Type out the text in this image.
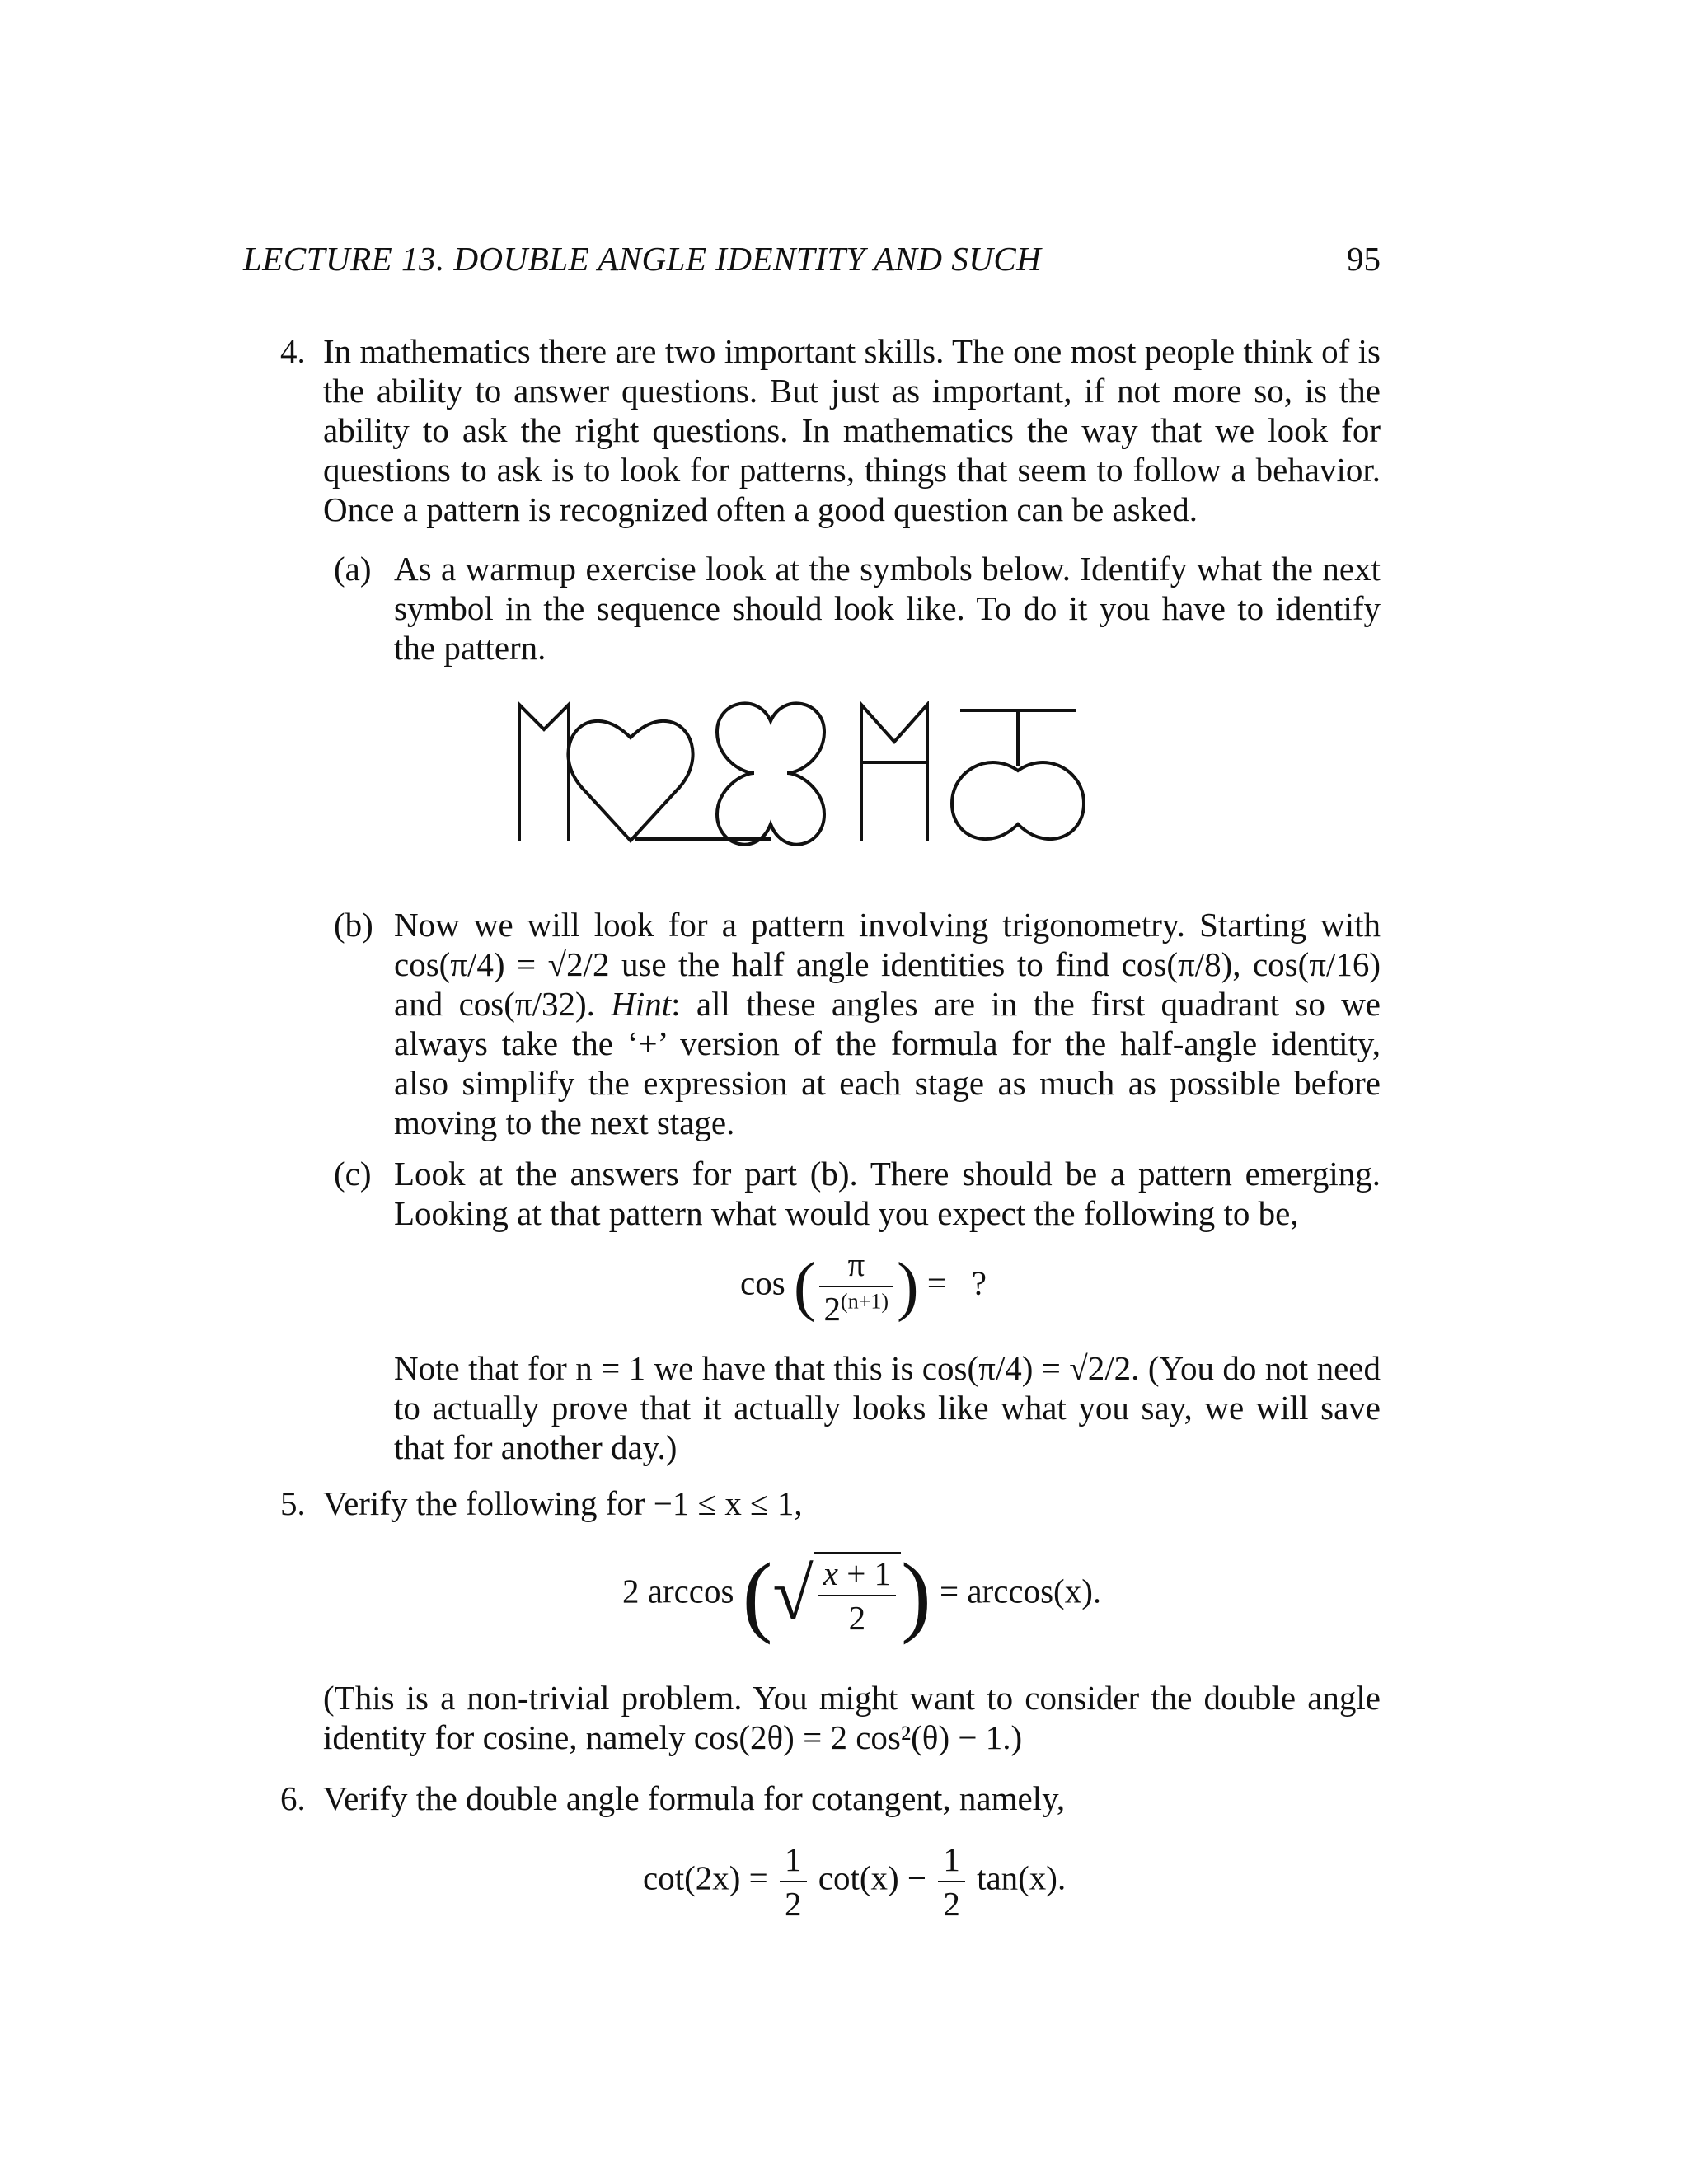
LECTURE 13. DOUBLE ANGLE IDENTITY AND SUCH	95
4. In mathematics there are two important skills. The one most people think of is the ability to answer questions. But just as important, if not more so, is the ability to ask the right questions. In mathematics the way that we look for questions to ask is to look for patterns, things that seem to follow a behavior. Once a pattern is recognized often a good question can be asked.
(a) As a warmup exercise look at the symbols below. Identify what the next symbol in the sequence should look like. To do it you have to identify the pattern.
(b) Now we will look for a pattern involving trigonometry. Starting with cos(π/4) = √2/2 use the half angle identities to find cos(π/8), cos(π/16) and cos(π/32). Hint: all these angles are in the first quadrant so we always take the ‘+’ version of the formula for the half-angle identity, also simplify the expression at each stage as much as possible before moving to the next stage.
(c) Look at the answers for part (b). There should be a pattern emerging. Looking at that pattern what would you expect the following to be,
cos ( $\frac{\pi}{2^{(n+1)}}$ ) =   ?
Note that for n = 1 we have that this is cos(π/4) = √2/2. (You do not need to actually prove that it actually looks like what you say, we will save that for another day.)
5. Verify the following for −1 ≤ x ≤ 1,
2 arccos (√ $\frac{x + 1}{2}$ ) = arccos(x).
(This is a non-trivial problem. You might want to consider the double angle identity for cosine, namely cos(2θ) = 2 cos²(θ) − 1.)
6. Verify the double angle formula for cotangent, namely,
$\cot(2x) = \frac{1}{2} \cot(x) - \frac{1}{2} \tan(x)$.
